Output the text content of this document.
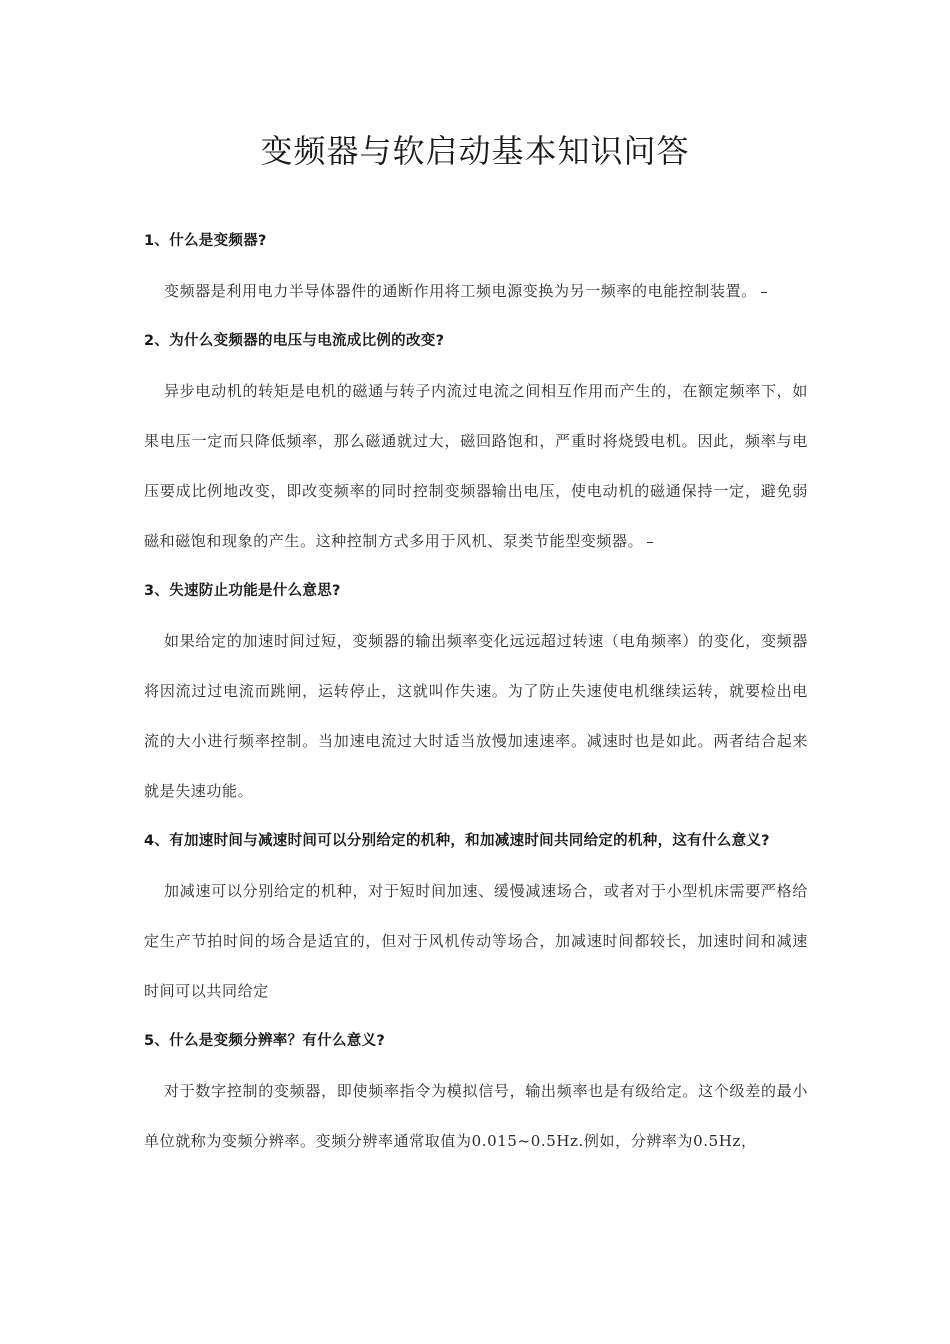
变频器与软启动基本知识问答

1、什么是变频器?

变频器是利用电力半导体器件的通断作用将工频电源变换为另一频率的电能控制装置。

2、为什么变频器的电压与电流成比例的改变?

异步电动机的转矩是电机的磁通与转子内流过电流之间相互作用而产生的，在额定频率下，如果电压一定而只降低频率，那么磁通就过大，磁回路饱和，严重时将烧毁电机。因此，频率与电压要成比例地改变，即改变频率的同时控制变频器输出电压，使电动机的磁通保持一定，避免弱磁和磁饱和现象的产生。这种控制方式多用于风机、泵类节能型变频器。

3、失速防止功能是什么意思?

如果给定的加速时间过短，变频器的输出频率变化远远超过转速（电角频率）的变化，变频器将因流过过电流而跳闸，运转停止，这就叫作失速。为了防止失速使电机继续运转，就要检出电流的大小进行频率控制。当加速电流过大时适当放慢加速速率。减速时也是如此。两者结合起来就是失速功能。

4、有加速时间与减速时间可以分别给定的机种，和加减速时间共同给定的机种，这有什么意义?

加减速可以分别给定的机种，对于短时间加速、缓慢减速场合，或者对于小型机床需要严格给定生产节拍时间的场合是适宜的，但对于风机传动等场合，加减速时间都较长，加速时间和减速时间可以共同给定

5、什么是变频分辨率？有什么意义?

对于数字控制的变频器，即使频率指令为模拟信号，输出频率也是有级给定。这个级差的最小单位就称为变频分辨率。变频分辨率通常取值为0.015~0.5Hz.例如，分辨率为0.5Hz，
